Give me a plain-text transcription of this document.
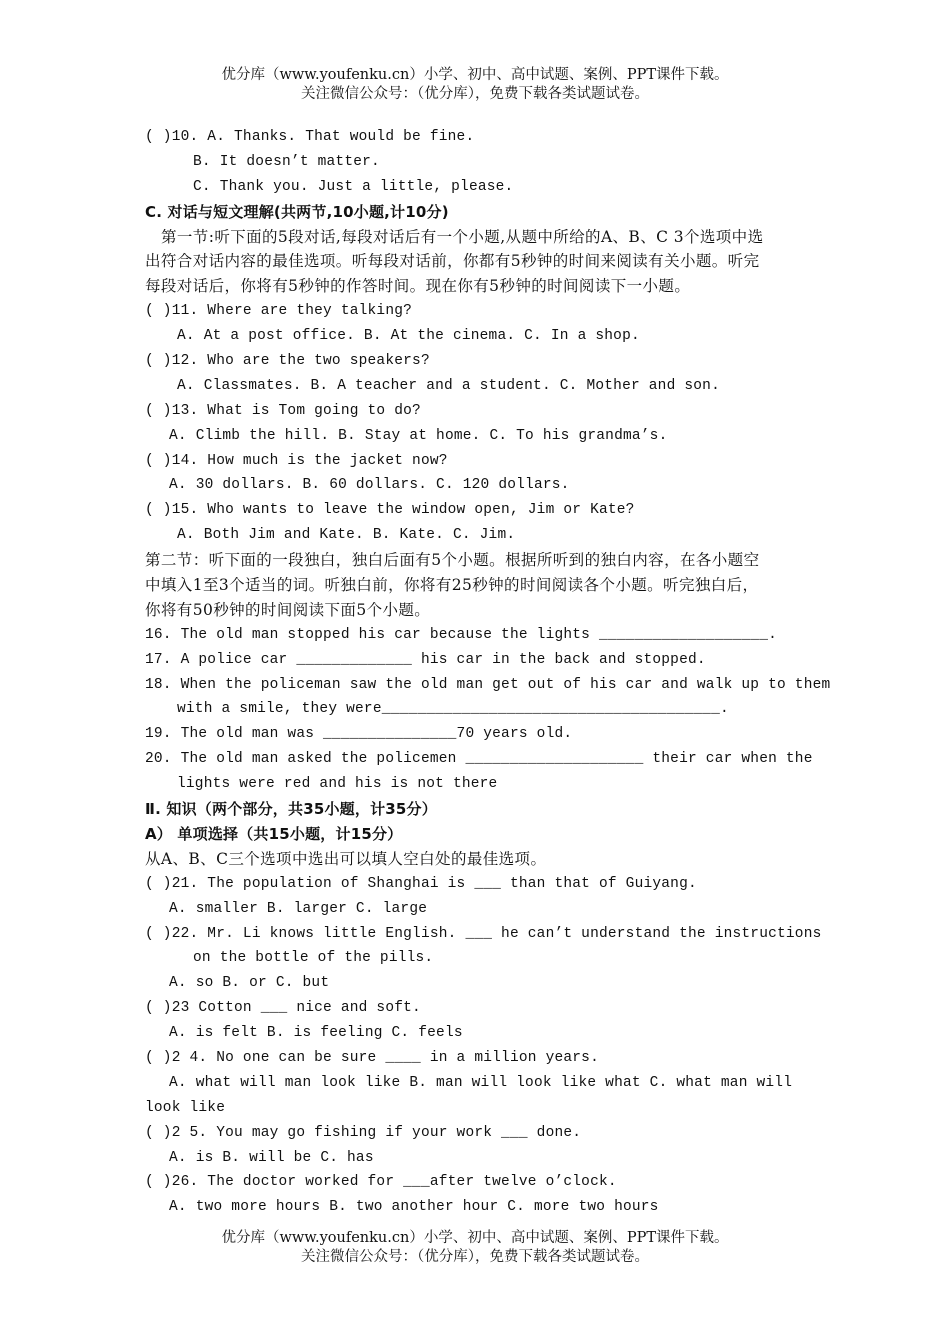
优分库（www.youfenku.cn）小学、初中、高中试题、案例、PPT课件下载。
关注微信公众号：（优分库），免费下载各类试题试卷。
( )10. A. Thanks. That would be fine.
B. It doesn’t matter.
C. Thank you. Just a little, please.
C. 对话与短文理解(共两节,10小题,计10分)
第一节:听下面的5段对话,每段对话后有一个小题,从题中所给的A、B、C 3个选项中选
出符合对话内容的最佳选项。听每段对话前，你都有5秒钟的时间来阅读有关小题。听完
每段对话后，你将有5秒钟的作答时间。现在你有5秒钟的时间阅读下一小题。
( )11. Where are they talking?
A. At a post office. B. At the cinema. C. In a shop.
( )12. Who are the two speakers?
A. Classmates. B. A teacher and a student. C. Mother and son.
( )13. What is Tom going to do?
A. Climb the hill. B. Stay at home. C. To his grandma’s.
( )14. How much is the jacket now?
A. 30 dollars. B. 60 dollars. C. 120 dollars.
( )15. Who wants to leave the window open, Jim or Kate?
A. Both Jim and Kate. B. Kate. C. Jim.
第二节：听下面的一段独白，独白后面有5个小题。根据所听到的独白内容，在各小题空
中填入1至3个适当的词。听独白前，你将有25秒钟的时间阅读各个小题。听完独白后，
你将有50秒钟的时间阅读下面5个小题。
16. The old man stopped his car because the lights ___________________.
17. A police car _____________ his car in the back and stopped.
18. When the policeman saw the old man get out of his car and walk up to them
with a smile, they were______________________________________.
19. The old man was _______________70 years old.
20. The old man asked the policemen ____________________ their car when the
lights were red and his is not there
Ⅱ. 知识（两个部分，共35小题，计35分）
A） 单项选择（共15小题，计15分）
从A、B、C三个选项中选出可以填人空白处的最佳选项。
( )21. The population of Shanghai is ___ than that of Guiyang.
A. smaller B. larger C. large
( )22. Mr. Li knows little English. ___ he can’t understand the instructions
on the bottle of the pills.
A. so B. or C. but
( )23 Cotton ___ nice and soft.
A. is felt B. is feeling C. feels
( )2 4. No one can be sure ____ in a million years.
A. what will man look like B. man will look like what C. what man will
look like
( )2 5. You may go fishing if your work ___ done.
A. is B. will be C. has
( )26. The doctor worked for ___after twelve o’clock.
A. two more hours B. two another hour C. more two hours
优分库（www.youfenku.cn）小学、初中、高中试题、案例、PPT课件下载。
关注微信公众号：（优分库），免费下载各类试题试卷。
